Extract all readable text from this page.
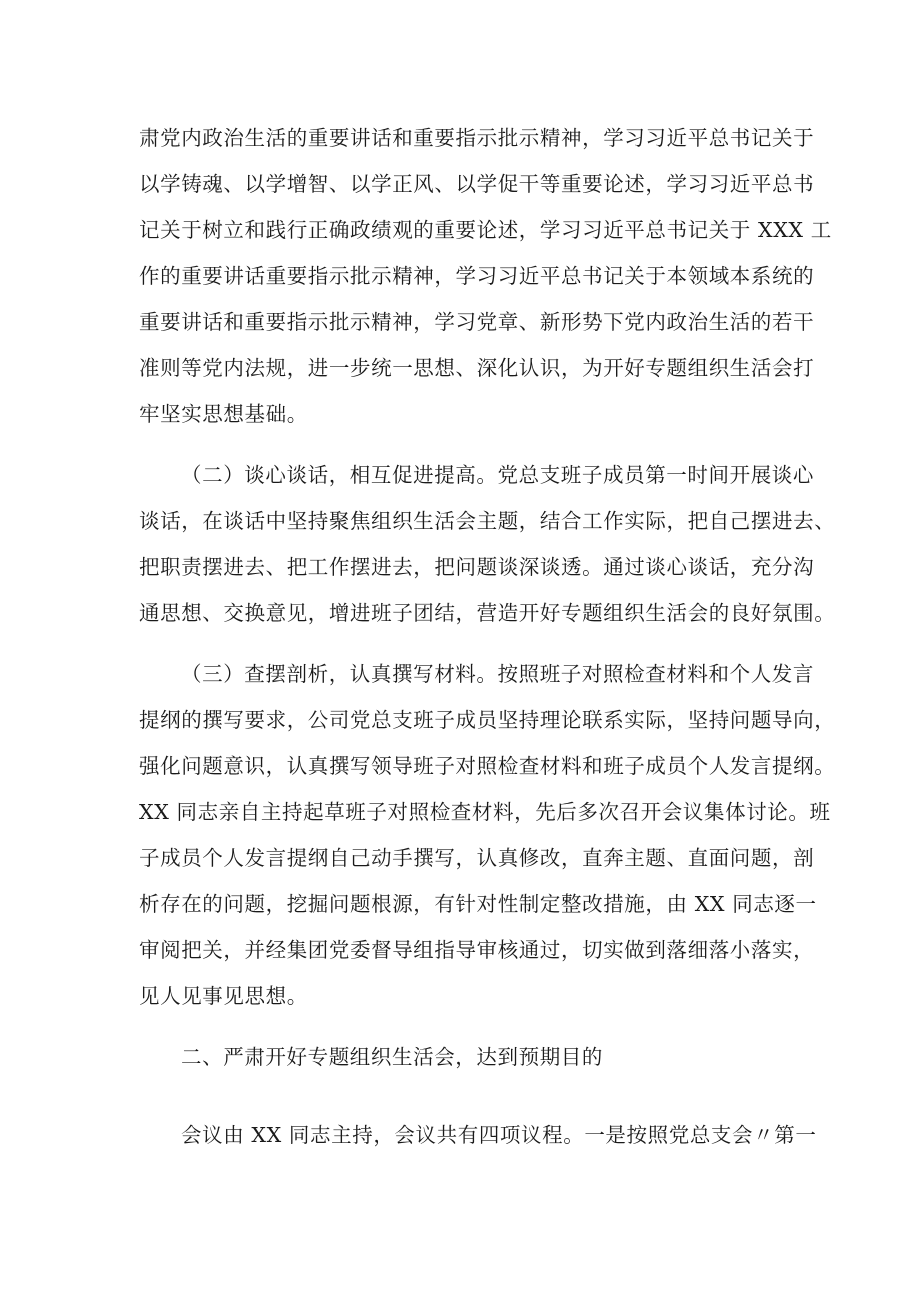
肃党内政治生活的重要讲话和重要指示批示精神，学习习近平总书记关于
以学铸魂、以学增智、以学正风、以学促干等重要论述，学习习近平总书
记关于树立和践行正确政绩观的重要论述，学习习近平总书记关于 XXX 工
作的重要讲话重要指示批示精神，学习习近平总书记关于本领域本系统的
重要讲话和重要指示批示精神，学习党章、新形势下党内政治生活的若干
准则等党内法规，进一步统一思想、深化认识，为开好专题组织生活会打
牢坚实思想基础。
（二）谈心谈话，相互促进提高。党总支班子成员第一时间开展谈心
谈话，在谈话中坚持聚焦组织生活会主题，结合工作实际，把自己摆进去、
把职责摆进去、把工作摆进去，把问题谈深谈透。通过谈心谈话，充分沟
通思想、交换意见，增进班子团结，营造开好专题组织生活会的良好氛围。
（三）查摆剖析，认真撰写材料。按照班子对照检查材料和个人发言
提纲的撰写要求，公司党总支班子成员坚持理论联系实际，坚持问题导向，
强化问题意识，认真撰写领导班子对照检查材料和班子成员个人发言提纲。
XX 同志亲自主持起草班子对照检查材料，先后多次召开会议集体讨论。班
子成员个人发言提纲自己动手撰写，认真修改，直奔主题、直面问题，剖
析存在的问题，挖掘问题根源，有针对性制定整改措施，由 XX 同志逐一
审阅把关，并经集团党委督导组指导审核通过，切实做到落细落小落实，
见人见事见思想。
二、严肃开好专题组织生活会，达到预期目的
会议由 XX 同志主持，会议共有四项议程。一是按照党总支会〃第一
